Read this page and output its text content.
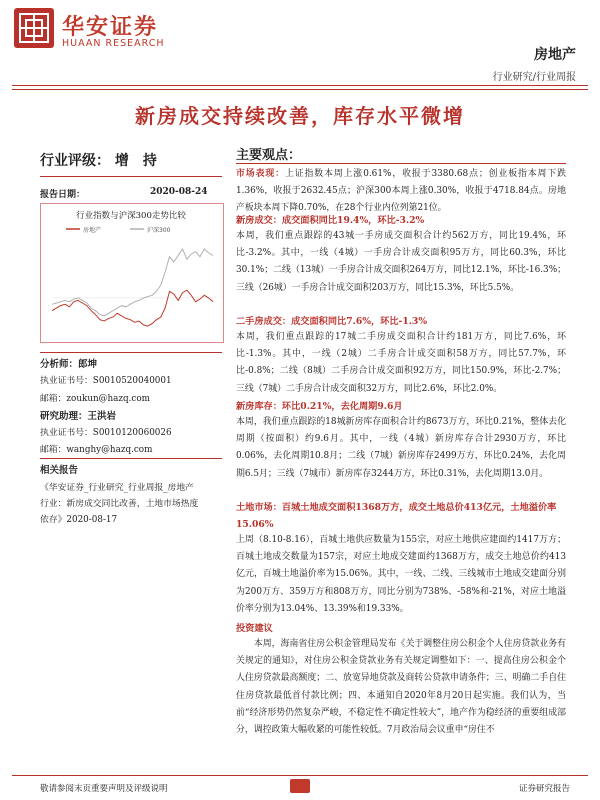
华安证券
HUAAN RESEARCH
房地产
行业研究/行业周报
新房成交持续改善，库存水平微增
行业评级： 增　持
报告日期：	2020-08-24
行业指数与沪深300走势比较
房地产	沪深300
分析师：郎坤
执业证书号：S0010520040001
邮箱：zoukun@hazq.com
研究助理：王洪岩
执业证书号：S0010120060026
邮箱：wanghy@hazq.com
相关报告
《华安证券_行业研究_行业周报_房地产
行业：新房成交同比改善，土地市场热度
依存》2020-08-17
主要观点：
市场表现：上证指数本周上涨0.61%，收报于3380.68点；创业板指本周下跌1.36%，收报于2632.45点；沪深300本周上涨0.30%，收报于4718.84点。房地产板块本周下降0.70%，在28个行业内位列第21位。
新房成交：成交面积同比19.4%，环比-3.2%
本周，我们重点跟踪的43城一手房成交面积合计约562万方，同比19.4%，环比-3.2%。其中，一线（4城）一手房合计成交面积95万方，同比60.3%，环比30.1%；二线（13城）一手房合计成交面积264万方，同比12.1%，环比-16.3%；三线（26城）一手房合计成交面积203万方，同比15.3%，环比5.5%。
二手房成交：成交面积同比7.6%，环比-1.3%
本周，我们重点跟踪的17城二手房成交面积合计约181万方，同比7.6%，环比-1.3%。其中，一线（2城）二手房合计成交面积58万方，同比57.7%，环比-0.8%；二线（8城）二手房合计成交面积92万方，同比150.9%，环比-2.7%；三线（7城）二手房合计成交面积32万方，同比2.6%，环比2.0%。
新房库存：环比0.21%，去化周期9.6月
本周，我们重点跟踪的18城新房库存面积合计约8673万方，环比0.21%，整体去化周期（按面积）约9.6月。其中，一线（4城）新房库存合计2930万方，环比0.06%，去化周期10.8月；二线（7城）新房库存2499万方，环比0.24%，去化周期6.5月；三线（7城市）新房库存3244万方，环比0.31%，去化周期13.0月。
土地市场：百城土地成交面积1368万方，成交土地总价413亿元，土地溢价率15.06%
上周（8.10-8.16），百城土地供应数量为155宗，对应土地供应建面约1417万方；百城土地成交数量为157宗，对应土地成交建面约1368万方，成交土地总价约413亿元，百城土地溢价率为15.06%。其中，一线、二线、三线城市土地成交建面分别为200万方、359万方和808万方，同比分别为738%、-58%和-21%，对应土地溢价率分别为13.04%、13.39%和19.33%。
投资建议
本周，海南省住房公积金管理局发布《关于调整住房公积金个人住房贷款业务有关规定的通知》，对住房公积金贷款业务有关规定调整如下：一、提高住房公积金个人住房贷款最高额度；二、放宽异地贷款及商转公贷款申请条件；三、明确二手自住住房贷款最低首付款比例；四、本通知自2020年8月20日起实施。我们认为，当前“经济形势仍然复杂严峻，不稳定性不确定性较大”，地产作为稳经济的重要组成部分，调控政策大幅收紧的可能性较低。7月政治局会议重申“房住不
敬请参阅末页重要声明及评级说明	证券研究报告
